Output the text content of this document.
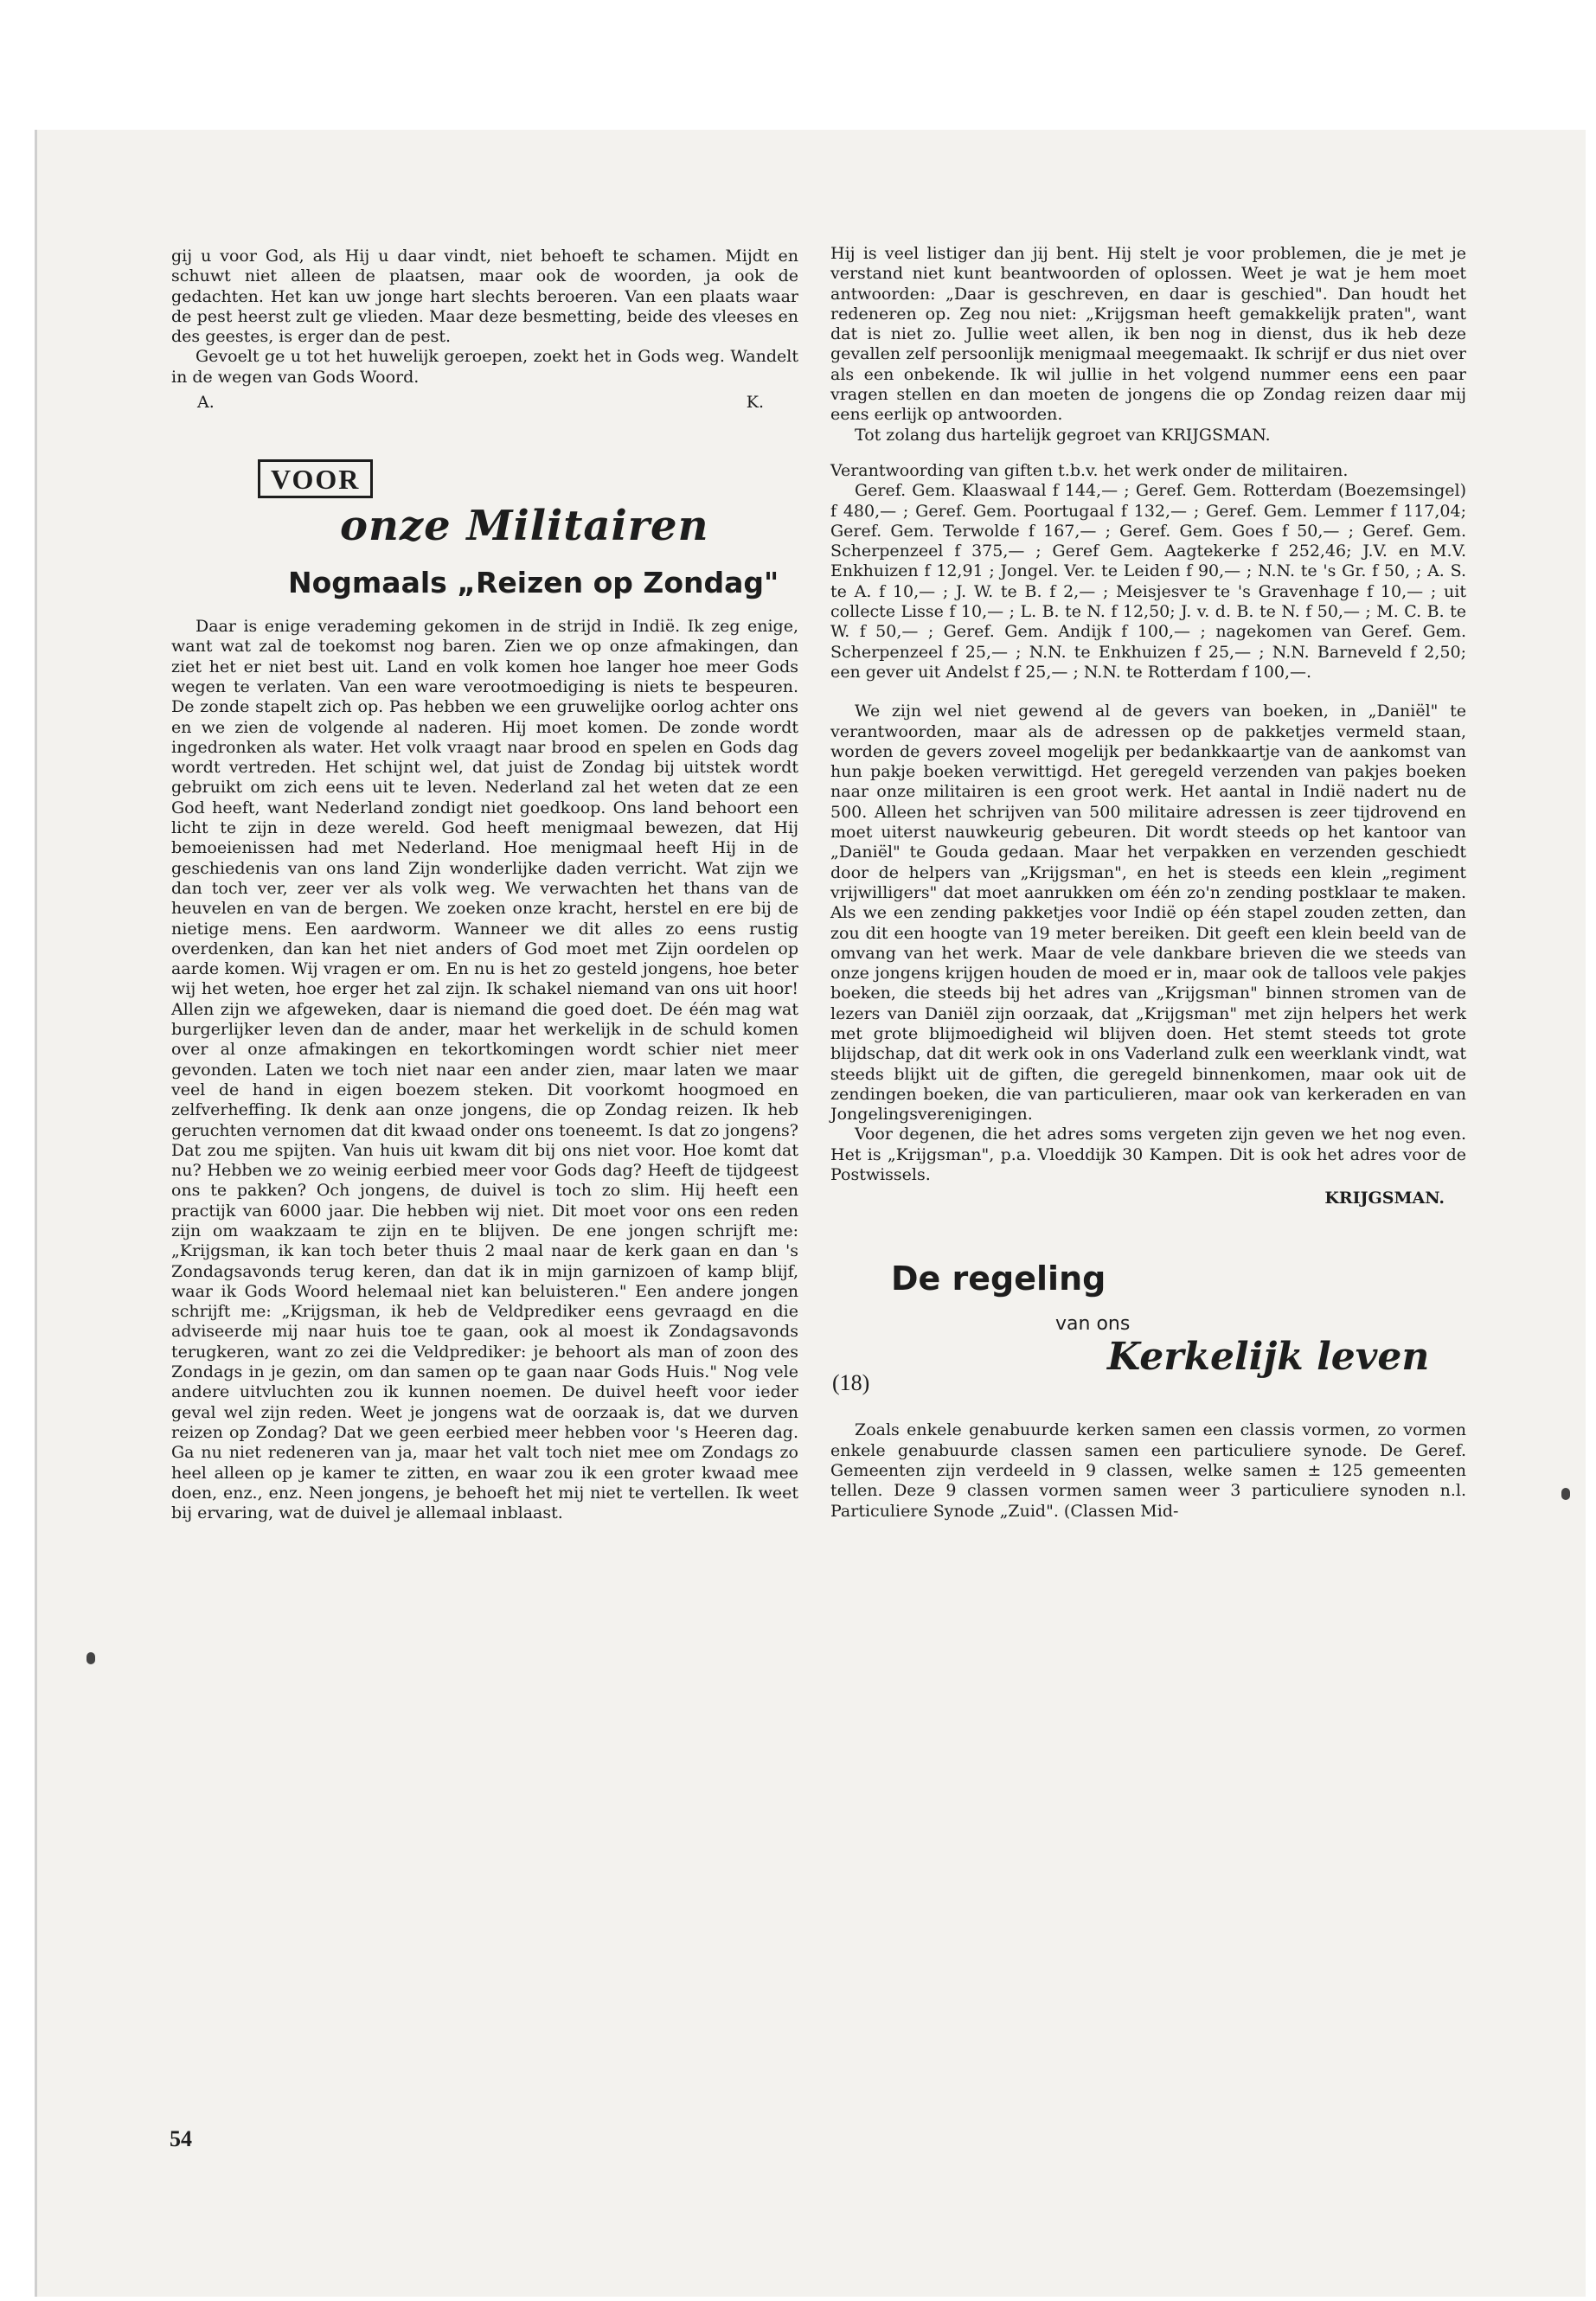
gij u voor God, als Hij u daar vindt, niet behoeft te schamen. Mijdt en schuwt niet alleen de plaatsen, maar ook de woorden, ja ook de gedachten. Het kan uw jonge hart slechts beroeren. Van een plaats waar de pest heerst zult ge vlieden. Maar deze besmetting, beide des vleeses en des geestes, is erger dan de pest.

Gevoelt ge u tot het huwelijk geroepen, zoekt het in Gods weg. Wandelt in de wegen van Gods Woord.

A.	K.
VOOR
onze Militairen
Nogmaals „Reizen op Zondag"

Daar is enige verademing gekomen in de strijd in Indië. Ik zeg enige, want wat zal de toekomst nog baren. Zien we op onze afmakingen, dan ziet het er niet best uit. Land en volk komen hoe langer hoe meer Gods wegen te verlaten. Van een ware verootmoediging is niets te bespeuren. De zonde stapelt zich op. Pas hebben we een gruwelijke oorlog achter ons en we zien de volgende al naderen. Hij moet komen. De zonde wordt ingedronken als water. Het volk vraagt naar brood en spelen en Gods dag wordt vertreden. Het schijnt wel, dat juist de Zondag bij uitstek wordt gebruikt om zich eens uit te leven. Nederland zal het weten dat ze een God heeft, want Nederland zondigt niet goedkoop. Ons land behoort een licht te zijn in deze wereld. God heeft menigmaal bewezen, dat Hij bemoeienissen had met Nederland. Hoe menigmaal heeft Hij in de geschiedenis van ons land Zijn wonderlijke daden verricht. Wat zijn we dan toch ver, zeer ver als volk weg. We verwachten het thans van de heuvelen en van de bergen. We zoeken onze kracht, herstel en ere bij de nietige mens. Een aardworm. Wanneer we dit alles zo eens rustig overdenken, dan kan het niet anders of God moet met Zijn oordelen op aarde komen. Wij vragen er om. En nu is het zo gesteld jongens, hoe beter wij het weten, hoe erger het zal zijn. Ik schakel niemand van ons uit hoor! Allen zijn we afgeweken, daar is niemand die goed doet. De één mag wat burgerlijker leven dan de ander, maar het werkelijk in de schuld komen over al onze afmakingen en tekortkomingen wordt schier niet meer gevonden. Laten we toch niet naar een ander zien, maar laten we maar veel de hand in eigen boezem steken. Dit voorkomt hoogmoed en zelfverheffing. Ik denk aan onze jongens, die op Zondag reizen. Ik heb geruchten vernomen dat dit kwaad onder ons toeneemt. Is dat zo jongens? Dat zou me spijten. Van huis uit kwam dit bij ons niet voor. Hoe komt dat nu? Hebben we zo weinig eerbied meer voor Gods dag? Heeft de tijdgeest ons te pakken? Och jongens, de duivel is toch zo slim. Hij heeft een practijk van 6000 jaar. Die hebben wij niet. Dit moet voor ons een reden zijn om waakzaam te zijn en te blijven. De ene jongen schrijft me: „Krijgsman, ik kan toch beter thuis 2 maal naar de kerk gaan en dan 's Zondagsavonds terug keren, dan dat ik in mijn garnizoen of kamp blijf, waar ik Gods Woord helemaal niet kan beluisteren." Een andere jongen schrijft me: „Krijgsman, ik heb de Veldprediker eens gevraagd en die adviseerde mij naar huis toe te gaan, ook al moest ik Zondagsavonds terugkeren, want zo zei die Veldprediker: je behoort als man of zoon des Zondags in je gezin, om dan samen op te gaan naar Gods Huis." Nog vele andere uitvluchten zou ik kunnen noemen. De duivel heeft voor ieder geval wel zijn reden. Weet je jongens wat de oorzaak is, dat we durven reizen op Zondag? Dat we geen eerbied meer hebben voor 's Heeren dag. Ga nu niet redeneren van ja, maar het valt toch niet mee om Zondags zo heel alleen op je kamer te zitten, en waar zou ik een groter kwaad mee doen, enz., enz. Neen jongens, je behoeft het mij niet te vertellen. Ik weet bij ervaring, wat de duivel je allemaal inblaast.

Hij is veel listiger dan jij bent. Hij stelt je voor problemen, die je met je verstand niet kunt beantwoorden of oplossen. Weet je wat je hem moet antwoorden: „Daar is geschreven, en daar is geschied". Dan houdt het redeneren op. Zeg nou niet: „Krijgsman heeft gemakkelijk praten", want dat is niet zo. Jullie weet allen, ik ben nog in dienst, dus ik heb deze gevallen zelf persoonlijk menigmaal meegemaakt. Ik schrijf er dus niet over als een onbekende. Ik wil jullie in het volgend nummer eens een paar vragen stellen en dan moeten de jongens die op Zondag reizen daar mij eens eerlijk op antwoorden.

Tot zolang dus hartelijk gegroet van KRIJGSMAN.

Verantwoording van giften t.b.v. het werk onder de militairen.

Geref. Gem. Klaaswaal f 144,— ; Geref. Gem. Rotterdam (Boezemsingel) f 480,— ; Geref. Gem. Poortugaal f 132,— ; Geref. Gem. Lemmer f 117,04; Geref. Gem. Terwolde f 167,— ; Geref. Gem. Goes f 50,— ; Geref. Gem. Scherpenzeel f 375,— ; Geref Gem. Aagtekerke f 252,46; J.V. en M.V. Enkhuizen f 12,91 ; Jongel. Ver. te Leiden f 90,— ; N.N. te 's Gr. f 50, ; A. S. te A. f 10,— ; J. W. te B. f 2,— ; Meisjesver te 's Gravenhage f 10,— ; uit collecte Lisse f 10,— ; L. B. te N. f 12,50; J. v. d. B. te N. f 50,— ; M. C. B. te W. f 50,— ; Geref. Gem. Andijk f 100,— ; nagekomen van Geref. Gem. Scherpenzeel f 25,— ; N.N. te Enkhuizen f 25,— ; N.N. Barneveld f 2,50; een gever uit Andelst f 25,— ; N.N. te Rotterdam f 100,—.

We zijn wel niet gewend al de gevers van boeken, in „Daniël" te verantwoorden, maar als de adressen op de pakketjes vermeld staan, worden de gevers zoveel mogelijk per bedankkaartje van de aankomst van hun pakje boeken verwittigd. Het geregeld verzenden van pakjes boeken naar onze militairen is een groot werk. Het aantal in Indië nadert nu de 500. Alleen het schrijven van 500 militaire adressen is zeer tijdrovend en moet uiterst nauwkeurig gebeuren. Dit wordt steeds op het kantoor van „Daniël" te Gouda gedaan. Maar het verpakken en verzenden geschiedt door de helpers van „Krijgsman", en het is steeds een klein „regiment vrijwilligers" dat moet aanrukken om één zo'n zending postklaar te maken. Als we een zending pakketjes voor Indië op één stapel zouden zetten, dan zou dit een hoogte van 19 meter bereiken. Dit geeft een klein beeld van de omvang van het werk. Maar de vele dankbare brieven die we steeds van onze jongens krijgen houden de moed er in, maar ook de talloos vele pakjes boeken, die steeds bij het adres van „Krijgsman" binnen stromen van de lezers van Daniël zijn oorzaak, dat „Krijgsman" met zijn helpers het werk met grote blijmoedigheid wil blijven doen. Het stemt steeds tot grote blijdschap, dat dit werk ook in ons Vaderland zulk een weerklank vindt, wat steeds blijkt uit de giften, die geregeld binnenkomen, maar ook uit de zendingen boeken, die van particulieren, maar ook van kerkeraden en van Jongelingsverenigingen.

Voor degenen, die het adres soms vergeten zijn geven we het nog even. Het is „Krijgsman", p.a. Vloeddijk 30 Kampen. Dit is ook het adres voor de Postwissels.

KRIJGSMAN.
De regeling
van ons
Kerkelijk leven
(18)

Zoals enkele genabuurde kerken samen een classis vormen, zo vormen enkele genabuurde classen samen een particuliere synode. De Geref. Gemeenten zijn verdeeld in 9 classen, welke samen ± 125 gemeenten tellen. Deze 9 classen vormen samen weer 3 particuliere synoden n.l. Particuliere Synode „Zuid". (Classen Mid-

54
